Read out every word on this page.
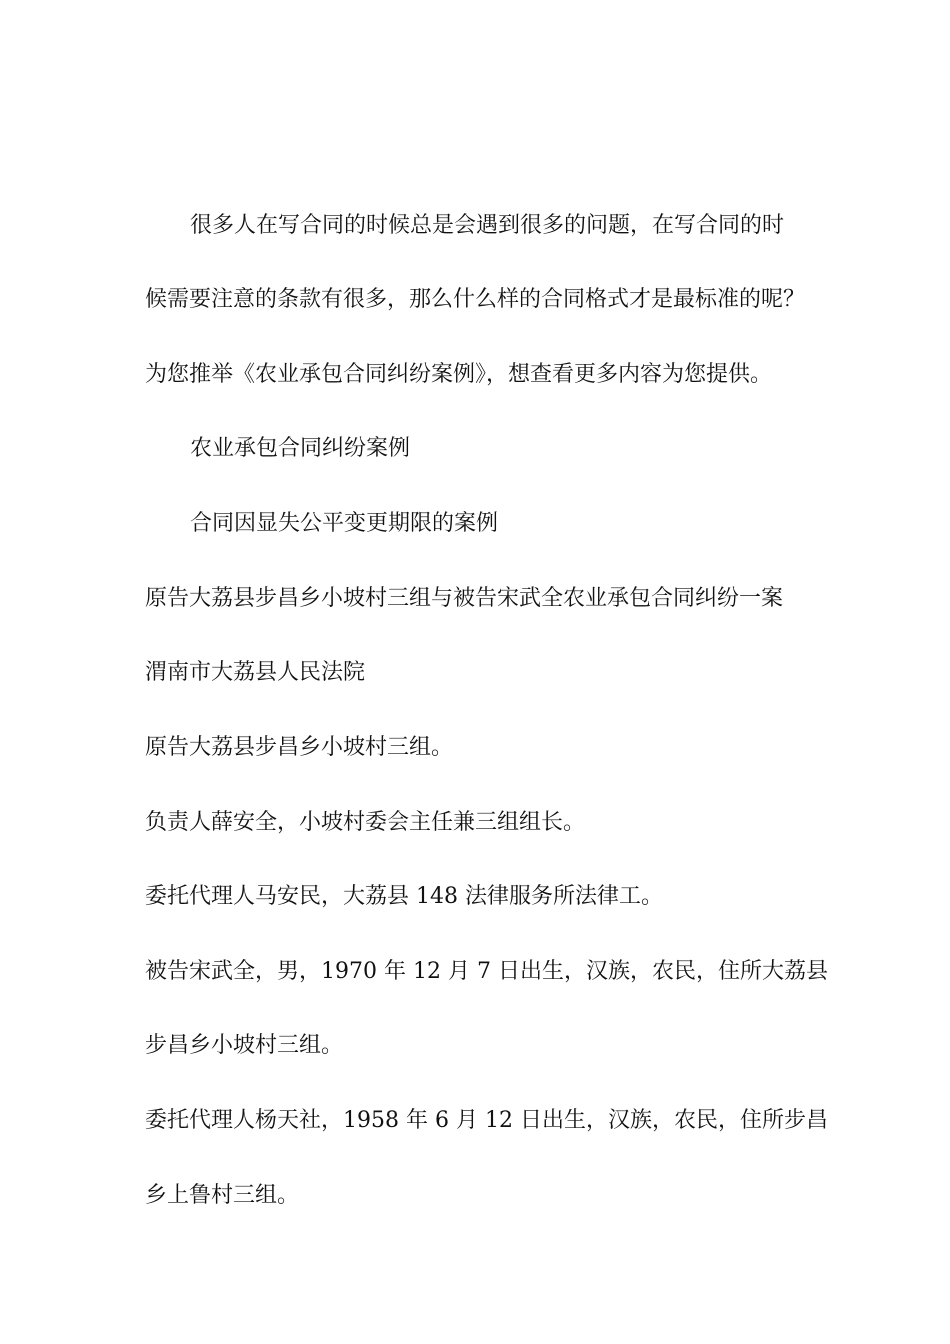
很多人在写合同的时候总是会遇到很多的问题，在写合同的时
候需要注意的条款有很多，那么什么样的合同格式才是最标准的呢？
为您推举《农业承包合同纠纷案例》，想查看更多内容为您提供。
农业承包合同纠纷案例
合同因显失公平变更期限的案例
原告大荔县步昌乡小坡村三组与被告宋武全农业承包合同纠纷一案
渭南市大荔县人民法院
原告大荔县步昌乡小坡村三组。
负责人薛安全，小坡村委会主任兼三组组长。
委托代理人马安民，大荔县 148 法律服务所法律工。
被告宋武全，男，1970 年 12 月 7 日出生，汉族，农民，住所大荔县
步昌乡小坡村三组。
委托代理人杨天社，1958 年 6 月 12 日出生，汉族，农民，住所步昌
乡上鲁村三组。
